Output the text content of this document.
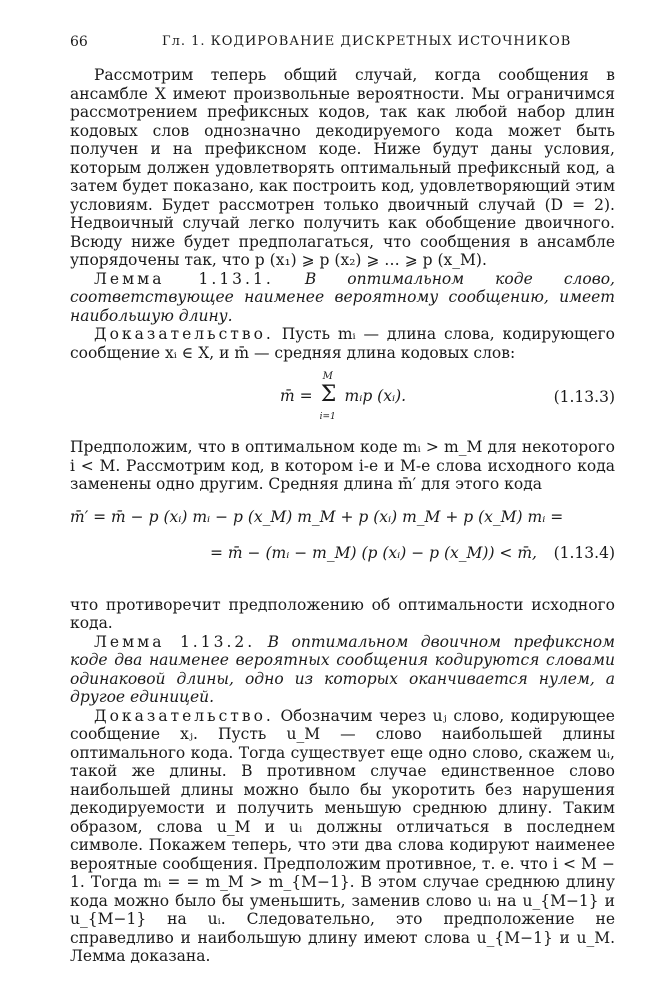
66	Гл. 1. КОДИРОВАНИЕ ДИСКРЕТНЫХ ИСТОЧНИКОВ

Рассмотрим теперь общий случай, когда сообщения в ансамбле X имеют произвольные вероятности. Мы ограничимся рассмотрением префиксных кодов, так как любой набор длин кодовых слов однозначно декодируемого кода может быть получен и на префиксном коде. Ниже будут даны условия, которым должен удовлетворять оптимальный префиксный код, а затем будет показано, как построить код, удовлетворяющий этим условиям. Будет рассмотрен только двоичный случай (D = 2). Недвоичный случай легко получить как обобщение двоичного. Всюду ниже будет предполагаться, что сообщения в ансамбле упорядочены так, что p (x₁) ⩾ p (x₂) ⩾ … ⩾ p (x_M).

Лемма 1.13.1. В оптимальном коде слово, соответствующее наименее вероятному сообщению, имеет наибольшую длину.

Доказательство. Пусть mᵢ — длина слова, кодирующего сообщение xᵢ ∈ X, и m̄ — средняя длина кодовых слов:

m̄ =
M
Σ
i=1
mᵢp (xᵢ).	(1.13.3)

Предположим, что в оптимальном коде mᵢ > m_M для некоторого i < M. Рассмотрим код, в котором i-е и M-е слова исходного кода заменены одно другим. Средняя длина m̄′ для этого кода

m̄′ = m̄ − p (xᵢ) mᵢ − p (x_M) m_M + p (xᵢ) m_M + p (x_M) mᵢ =
= m̄ − (mᵢ − m_M) (p (xᵢ) − p (x_M)) < m̄, (1.13.4)

что противоречит предположению об оптимальности исходного кода.

Лемма 1.13.2. В оптимальном двоичном префиксном коде два наименее вероятных сообщения кодируются словами одинаковой длины, одно из которых оканчивается нулем, а другое единицей.

Доказательство. Обозначим через uⱼ слово, кодирующее сообщение xⱼ. Пусть u_M — слово наибольшей длины оптимального кода. Тогда существует еще одно слово, скажем uᵢ, такой же длины. В противном случае единственное слово наибольшей длины можно было бы укоротить без нарушения декодируемости и получить меньшую среднюю длину. Таким образом, слова u_M и uᵢ должны отличаться в последнем символе. Покажем теперь, что эти два слова кодируют наименее вероятные сообщения. Предположим противное, т. е. что i < M − 1. Тогда mᵢ = = m_M > m_{M−1}. В этом случае среднюю длину кода можно было бы уменьшить, заменив слово uᵢ на u_{M−1} и u_{M−1} на uᵢ. Следовательно, это предположение не справедливо и наибольшую длину имеют слова u_{M−1} и u_M. Лемма доказана.
